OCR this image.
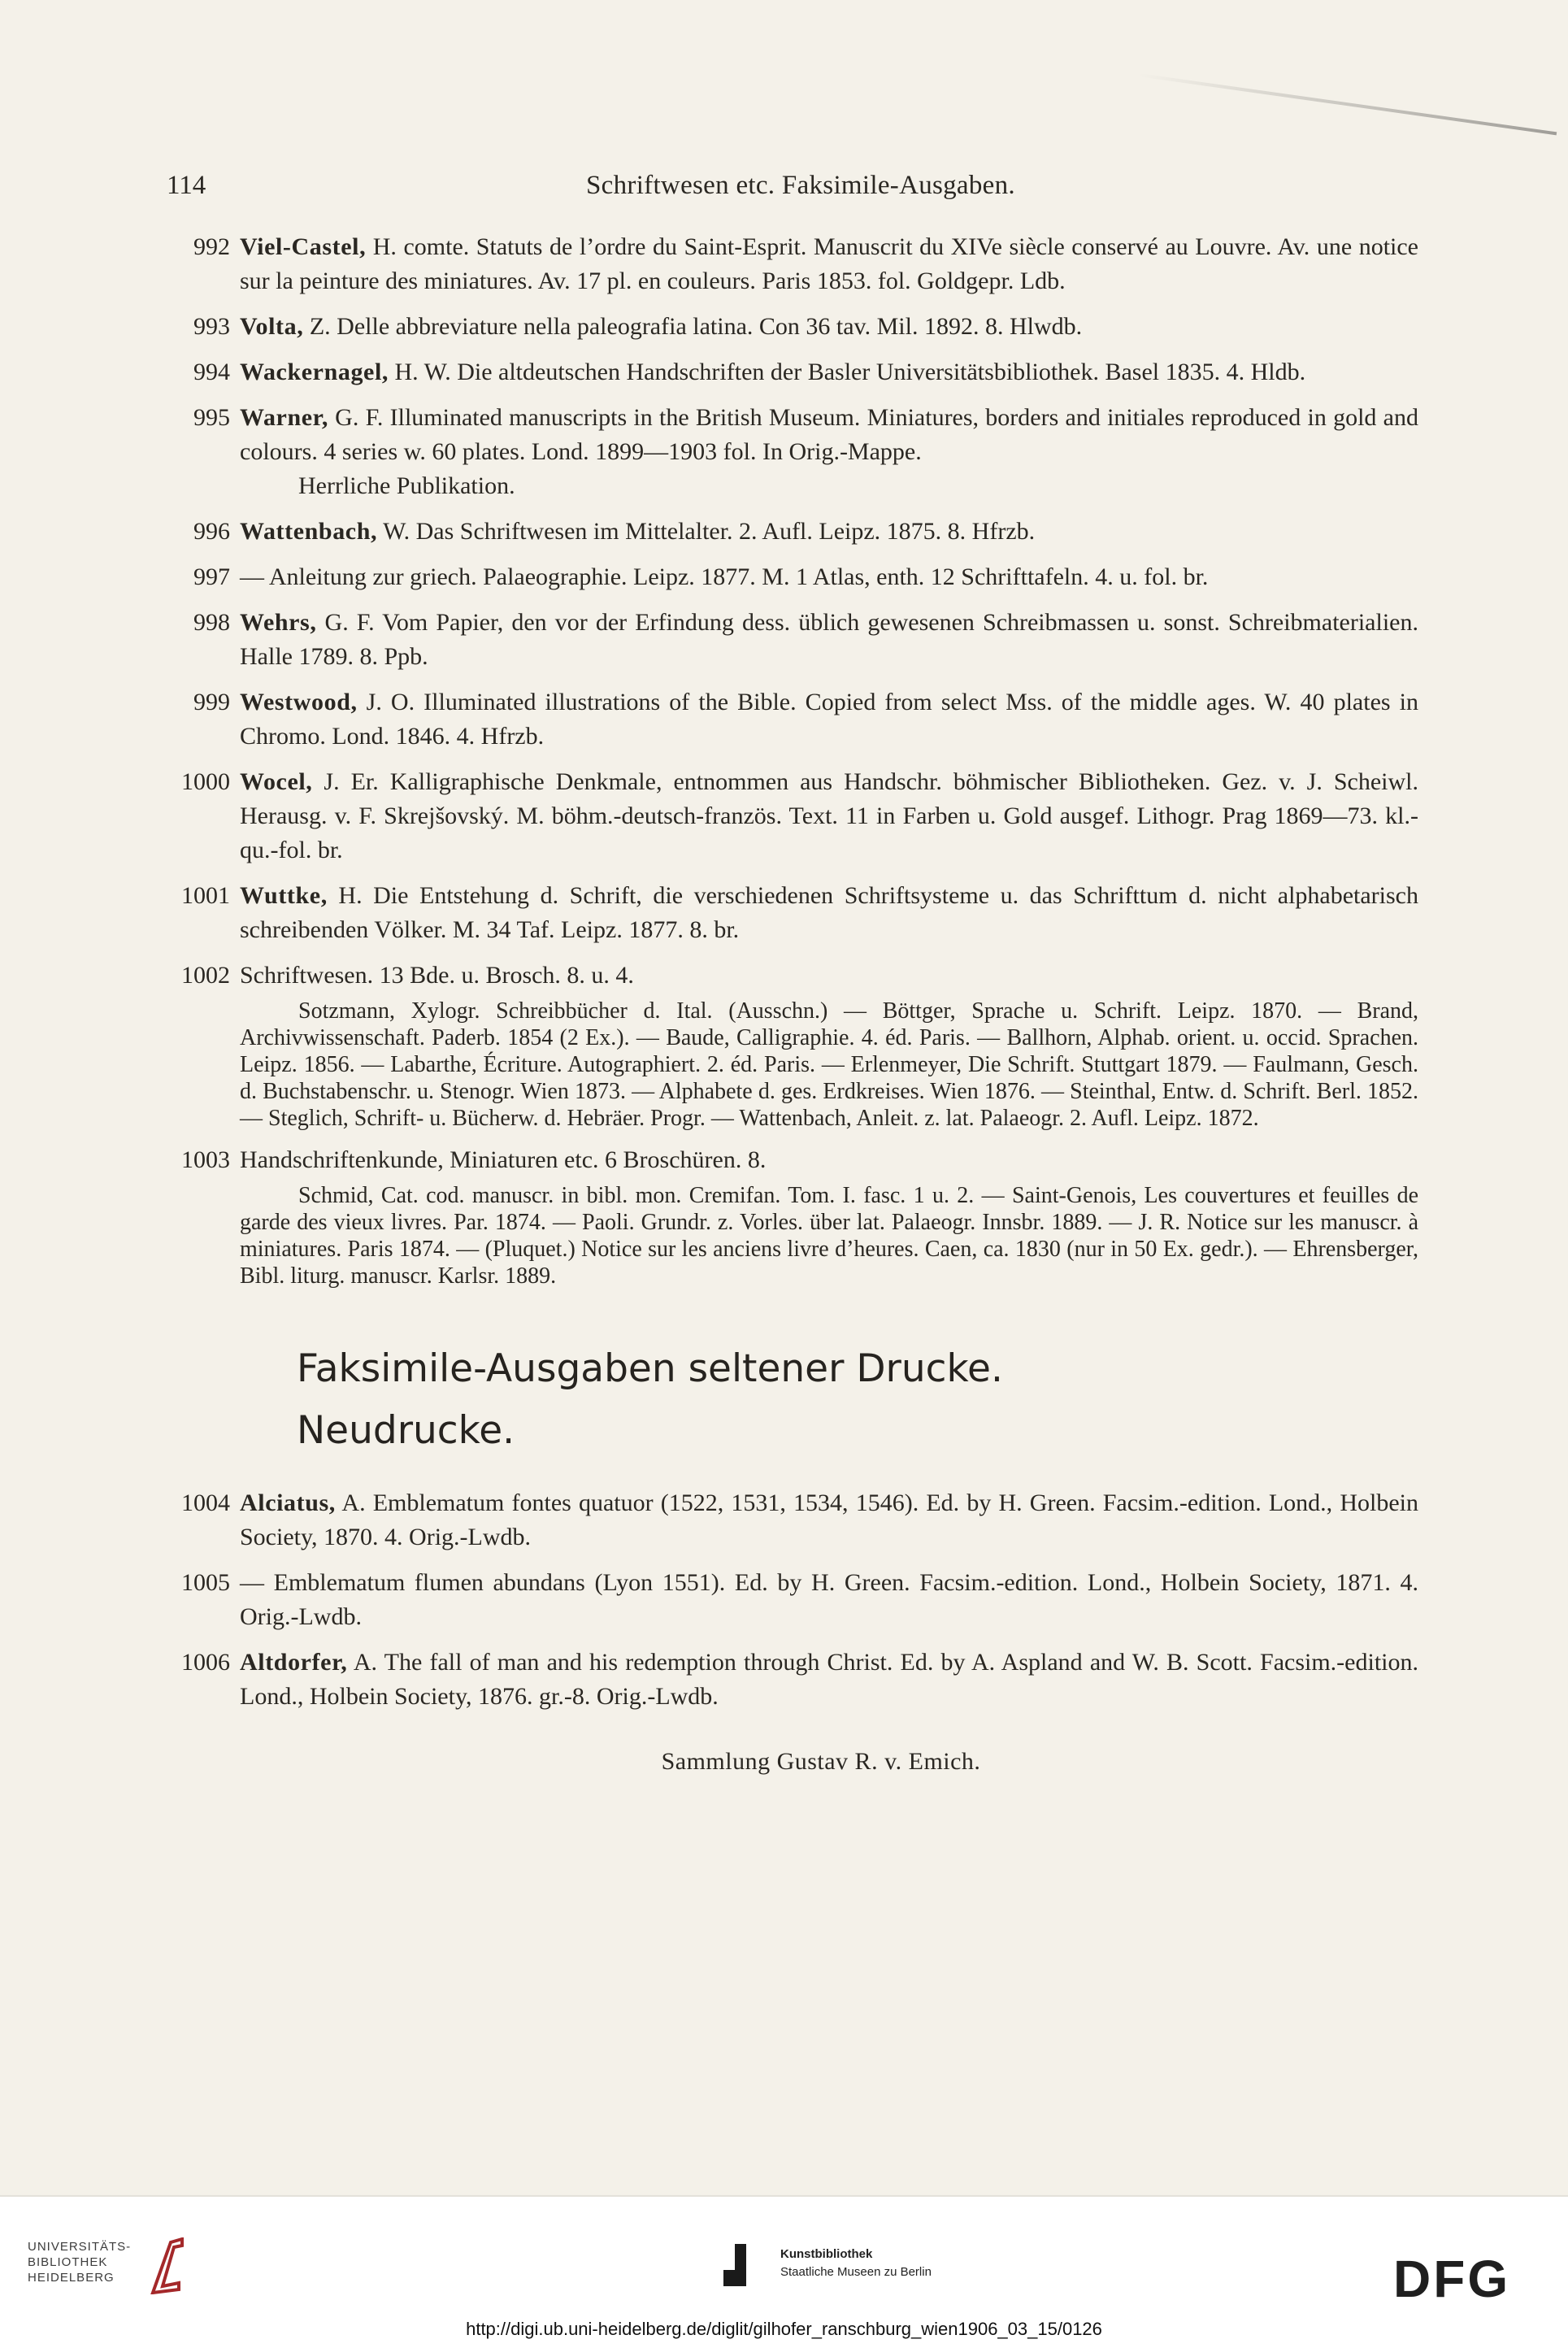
114	Schriftwesen etc. Faksimile-Ausgaben.
992 Viel-Castel, H. comte. Statuts de l’ordre du Saint-Esprit. Manuscrit du XIVe siècle conservé au Louvre. Av. une notice sur la peinture des miniatures. Av. 17 pl. en couleurs. Paris 1853. fol. Goldgepr. Ldb.
993 Volta, Z. Delle abbreviature nella paleografia latina. Con 36 tav. Mil. 1892. 8. Hlwdb.
994 Wackernagel, H. W. Die altdeutschen Handschriften der Basler Universitätsbibliothek. Basel 1835. 4. Hldb.
995 Warner, G. F. Illuminated manuscripts in the British Museum. Miniatures, borders and initiales reproduced in gold and colours. 4 series w. 60 plates. Lond. 1899—1903 fol. In Orig.-Mappe.
Herrliche Publikation.
996 Wattenbach, W. Das Schriftwesen im Mittelalter. 2. Aufl. Leipz. 1875. 8. Hfrzb.
997 — Anleitung zur griech. Palaeographie. Leipz. 1877. M. 1 Atlas, enth. 12 Schrifttafeln. 4. u. fol. br.
998 Wehrs, G. F. Vom Papier, den vor der Erfindung dess. üblich gewesenen Schreibmassen u. sonst. Schreibmaterialien. Halle 1789. 8. Ppb.
999 Westwood, J. O. Illuminated illustrations of the Bible. Copied from select Mss. of the middle ages. W. 40 plates in Chromo. Lond. 1846. 4. Hfrzb.
1000 Wocel, J. Er. Kalligraphische Denkmale, entnommen aus Handschr. böhmischer Bibliotheken. Gez. v. J. Scheiwl. Herausg. v. F. Skrejšovský. M. böhm.-deutsch-französ. Text. 11 in Farben u. Gold ausgef. Lithogr. Prag 1869—73. kl.-qu.-fol. br.
1001 Wuttke, H. Die Entstehung d. Schrift, die verschiedenen Schriftsysteme u. das Schrifttum d. nicht alphabetarisch schreibenden Völker. M. 34 Taf. Leipz. 1877. 8. br.
1002 Schriftwesen. 13 Bde. u. Brosch. 8. u. 4.
Sotzmann, Xylogr. Schreibbücher d. Ital. (Ausschn.) — Böttger, Sprache u. Schrift. Leipz. 1870. — Brand, Archivwissenschaft. Paderb. 1854 (2 Ex.). — Baude, Calligraphie. 4. éd. Paris. — Ballhorn, Alphab. orient. u. occid. Sprachen. Leipz. 1856. — Labarthe, Écriture. Autographiert. 2. éd. Paris. — Erlenmeyer, Die Schrift. Stuttgart 1879. — Faulmann, Gesch. d. Buchstabenschr. u. Stenogr. Wien 1873. — Alphabete d. ges. Erdkreises. Wien 1876. — Steinthal, Entw. d. Schrift. Berl. 1852. — Steglich, Schrift- u. Bücherw. d. Hebräer. Progr. — Wattenbach, Anleit. z. lat. Palaeogr. 2. Aufl. Leipz. 1872.
1003 Handschriftenkunde, Miniaturen etc. 6 Broschüren. 8.
Schmid, Cat. cod. manuscr. in bibl. mon. Cremifan. Tom. I. fasc. 1 u. 2. — Saint-Genois, Les couvertures et feuilles de garde des vieux livres. Par. 1874. — Paoli. Grundr. z. Vorles. über lat. Palaeogr. Innsbr. 1889. — J. R. Notice sur les manuscr. à miniatures. Paris 1874. — (Pluquet.) Notice sur les anciens livre d’heures. Caen, ca. 1830 (nur in 50 Ex. gedr.). — Ehrensberger, Bibl. liturg. manuscr. Karlsr. 1889.
Faksimile-Ausgaben seltener Drucke.
Neudrucke.
1004 Alciatus, A. Emblematum fontes quatuor (1522, 1531, 1534, 1546). Ed. by H. Green. Facsim.-edition. Lond., Holbein Society, 1870. 4. Orig.-Lwdb.
1005 — Emblematum flumen abundans (Lyon 1551). Ed. by H. Green. Facsim.-edition. Lond., Holbein Society, 1871. 4. Orig.-Lwdb.
1006 Altdorfer, A. The fall of man and his redemption through Christ. Ed. by A. Aspland and W. B. Scott. Facsim.-edition. Lond., Holbein Society, 1876. gr.-8. Orig.-Lwdb.
Sammlung Gustav R. v. Emich.
UNIVERSITÄTS-
BIBLIOTHEK
HEIDELBERG
Kunstbibliothek
Staatliche Museen zu Berlin	DFG
http://digi.ub.uni-heidelberg.de/diglit/gilhofer_ranschburg_wien1906_03_15/0126
